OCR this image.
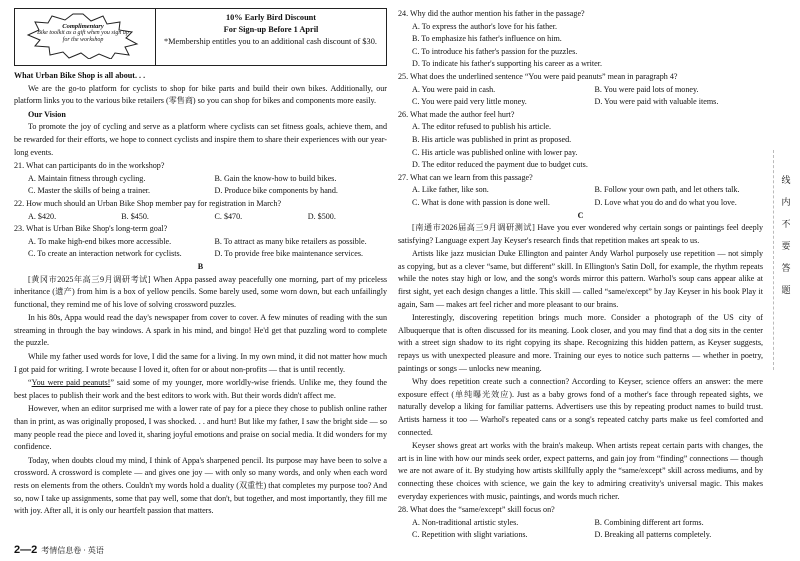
Complimentary
Bike toolkit as a gift when you sign up for the workshop
10% Early Bird Discount
For Sign-up Before 1 April
*Membership entitles you to an additional cash discount of $30.

What Urban Bike Shop is all about. . .

We are the go-to platform for cyclists to shop for bike parts and build their own bikes. Additionally, our platform links you to the various bike retailers (零售商) so you can shop for bikes and components more easily.

Our Vision

To promote the joy of cycling and serve as a platform where cyclists can set fitness goals, achieve them, and be rewarded for their efforts, we hope to connect cyclists and inspire them to share their experiences with our year-long events.

21. What can participants do in the workshop?

A. Maintain fitness through cycling.	B. Gain the know-how to build bikes.
C. Master the skills of being a trainer.	D. Produce bike components by hand.

22. How much should an Urban Bike Shop member pay for registration in March?

A. $420.	B. $450.	C. $470.	D. $500.

23. What is Urban Bike Shop's long-term goal?

A. To make high-end bikes more accessible.	B. To attract as many bike retailers as possible.
C. To create an interaction network for cyclists.	D. To provide free bike maintenance services.

B

[黄冈市2025年高三9月调研考试] When Appa passed away peacefully one morning, part of my priceless inheritance (遗产) from him is a box of yellow pencils. Some barely used, some worn down, but each unfailingly functional, they remind me of his love of solving crossword puzzles.

In his 80s, Appa would read the day's newspaper from cover to cover. A few minutes of reading with the sun streaming in through the bay windows. A spark in his mind, and bingo! He'd get that puzzling word to complete the puzzle.

While my father used words for love, I did the same for a living. In my own mind, it did not matter how much I got paid for writing. I wrote because I loved it, often for or about non-profits — that is until recently.

“You were paid peanuts!” said some of my younger, more worldly-wise friends. Unlike me, they found the best places to publish their work and the best editors to work with. But their words didn't affect me.

However, when an editor surprised me with a lower rate of pay for a piece they chose to publish online rather than in print, as was originally proposed, I was shocked. . . and hurt! But like my father, I saw the bright side — so many people read the piece and loved it, sharing joyful emotions and praise on social media. It did wonders for my confidence.

Today, when doubts cloud my mind, I think of Appa's sharpened pencil. Its purpose may have been to solve a crossword. A crossword is complete — and gives one joy — with only so many words, and only when each word rests on elements from the others. Couldn't my words hold a duality (双重性) that completes my purpose too? And so, now I take up assignments, some that pay well, some that don't, but together, and most importantly, they fill me with joy. After all, it is only our heartfelt passion that matters.

24. Why did the author mention his father in the passage?

A. To express the author's love for his father.
B. To emphasize his father's influence on him.
C. To introduce his father's passion for the puzzles.
D. To indicate his father's supporting his career as a writer.

25. What does the underlined sentence “You were paid peanuts” mean in paragraph 4?

A. You were paid in cash.	B. You were paid lots of money.
C. You were paid very little money.	D. You were paid with valuable items.

26. What made the author feel hurt?

A. The editor refused to publish his article.
B. His article was published in print as proposed.
C. His article was published online with lower pay.
D. The editor reduced the payment due to budget cuts.

27. What can we learn from this passage?

A. Like father, like son.	B. Follow your own path, and let others talk.
C. What is done with passion is done well.	D. Love what you do and do what you love.

C

[南通市2026届高三9月调研测试] Have you ever wondered why certain songs or paintings feel deeply satisfying? Language expert Jay Keyser's research finds that repetition makes art speak to us.

Artists like jazz musician Duke Ellington and painter Andy Warhol purposely use repetition — not simply as copying, but as a clever “same, but different” skill. In Ellington's Satin Doll, for example, the rhythm repeats while the notes stay high or low, and the song's words mirror this pattern. Warhol's soup cans appear alike at first sight, yet each design changes a little. This skill — called “same/except” by Jay Keyser in his book Play it again, Sam — makes art feel richer and more pleasant to our brains.

Interestingly, discovering repetition brings much more. Consider a photograph of the US city of Albuquerque that is often discussed for its meaning. Look closer, and you may find that a dog sits in the center with a street sign shadow to its right copying its shape. Recognizing this hidden pattern, as Keyser suggests, repays us with unexpected pleasure and more. Training our eyes to notice such patterns — whether in poetry, paintings or songs — unlocks new meaning.

Why does repetition create such a connection? According to Keyser, science offers an answer: the mere exposure effect (单纯曝光效应). Just as a baby grows fond of a mother's face through repeated sights, we naturally develop a liking for familiar patterns. Advertisers use this by repeating product names to build trust. Artists harness it too — Warhol's repeated cans or a song's repeated catchy parts make us feel comforted and connected.

Keyser shows great art works with the brain's makeup. When artists repeat certain parts with changes, the art is in line with how our minds seek order, expect patterns, and gain joy from “finding” connections — though we are not aware of it. By studying how artists skillfully apply the “same/except” skill across mediums, and by connecting these choices with science, we gain the key to admiring creativity's universal magic. This makes everyday experiences with music, paintings, and words much richer.

28. What does the “same/except” skill focus on?

A. Non-traditional artistic styles.	B. Combining different art forms.
C. Repetition with slight variations.	D. Breaking all patterns completely.
线 内 不 要 答 题
2—2 考情信息卷 · 英语
